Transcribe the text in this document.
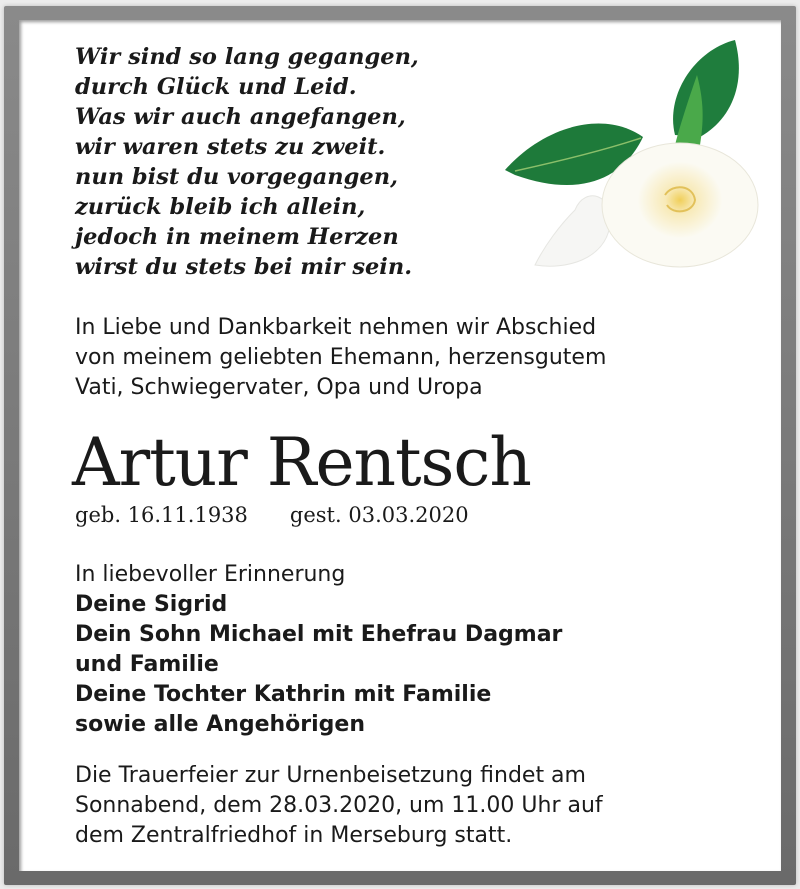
Wir sind so lang gegangen,
durch Glück und Leid.
Was wir auch angefangen,
wir waren stets zu zweit.
nun bist du vorgegangen,
zurück bleib ich allein,
jedoch in meinem Herzen
wirst du stets bei mir sein.
In Liebe und Dankbarkeit nehmen wir Abschied
von meinem geliebten Ehemann, herzensgutem
Vati, Schwiegervater, Opa und Uropa
Artur Rentsch
geb. 16.11.1938 gest. 03.03.2020
In liebevoller Erinnerung
Deine Sigrid
Dein Sohn Michael mit Ehefrau Dagmar
und Familie
Deine Tochter Kathrin mit Familie
sowie alle Angehörigen
Die Trauerfeier zur Urnenbeisetzung findet am
Sonnabend, dem 28.03.2020, um 11.00 Uhr auf
dem Zentralfriedhof in Merseburg statt.
